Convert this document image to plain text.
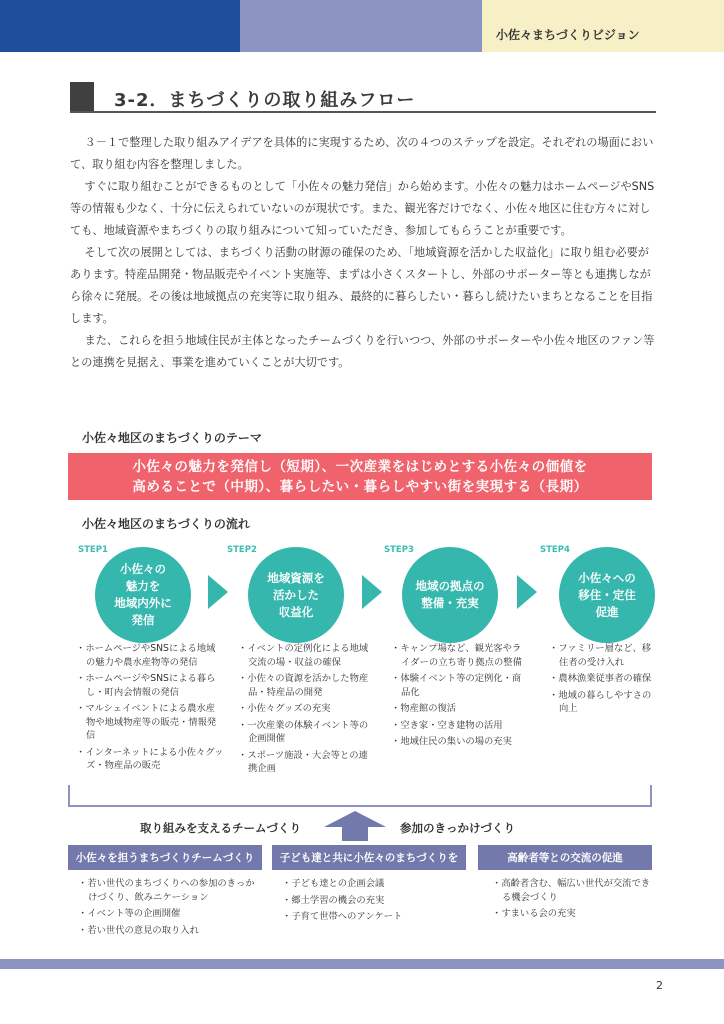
小佐々まちづくりビジョン
3-2．まちづくりの取り組みフロー

３－１で整理した取り組みアイデアを具体的に実現するため、次の４つのステップを設定。それぞれの場面において、取り組む内容を整理しました。

すぐに取り組むことができるものとして「小佐々の魅力発信」から始めます。小佐々の魅力はホームページやSNS等の情報も少なく、十分に伝えられていないのが現状です。また、観光客だけでなく、小佐々地区に住む方々に対しても、地域資源やまちづくりの取り組みについて知っていただき、参加してもらうことが重要です。

そして次の展開としては、まちづくり活動の財源の確保のため、「地域資源を活かした収益化」に取り組む必要があります。特産品開発・物品販売やイベント実施等、まずは小さくスタートし、外部のサポーター等とも連携しながら徐々に発展。その後は地域拠点の充実等に取り組み、最終的に暮らしたい・暮らし続けたいまちとなることを目指します。

また、これらを担う地域住民が主体となったチームづくりを行いつつ、外部のサポーターや小佐々地区のファン等との連携を見据え、事業を進めていくことが大切です。

小佐々地区のまちづくりのテーマ
小佐々の魅力を発信し（短期）、一次産業をはじめとする小佐々の価値を
高めることで（中期）、暮らしたい・暮らしやすい街を実現する（長期）
小佐々地区のまちづくりの流れ
STEP1
小佐々の
魅力を
地域内外に
発信
STEP2
地域資源を
活かした
収益化
STEP3
地域の拠点の
整備・充実
STEP4
小佐々への
移住・定住
促進
・ ホームページやSNSによる地域の魅力や農水産物等の発信
・ ホームページやSNSによる暮らし・町内会情報の発信
・ マルシェイベントによる農水産物や地域物産等の販売・情報発信
・ インターネットによる小佐々グッズ・物産品の販売
・ イベントの定例化による地域交流の場・収益の確保
・ 小佐々の資源を活かした物産品・特産品の開発
・ 小佐々グッズの充実
・ 一次産業の体験イベント等の企画開催
・ スポーツ施設・大会等との連携企画
・ キャンプ場など、観光客やライダーの立ち寄り拠点の整備
・ 体験イベント等の定例化・商品化
・ 物産館の復活
・ 空き家・空き建物の活用
・ 地域住民の集いの場の充実
・ ファミリー層など、移住者の受け入れ
・ 農林漁業従事者の確保
・ 地域の暮らしやすさの向上
取り組みを支えるチームづくり	参加のきっかけづくり
小佐々を担うまちづくりチームづくり	子ども達と共に小佐々のまちづくりを	高齢者等との交流の促進
・ 若い世代のまちづくりへの参加のきっかけづくり、飲みニケーション
・ イベント等の企画開催
・ 若い世代の意見の取り入れ
・ 子ども達との企画会議
・ 郷土学習の機会の充実
・ 子育て世帯へのアンケート
・ 高齢者含む、幅広い世代が交流できる機会づくり
・ すまいる会の充実
2
